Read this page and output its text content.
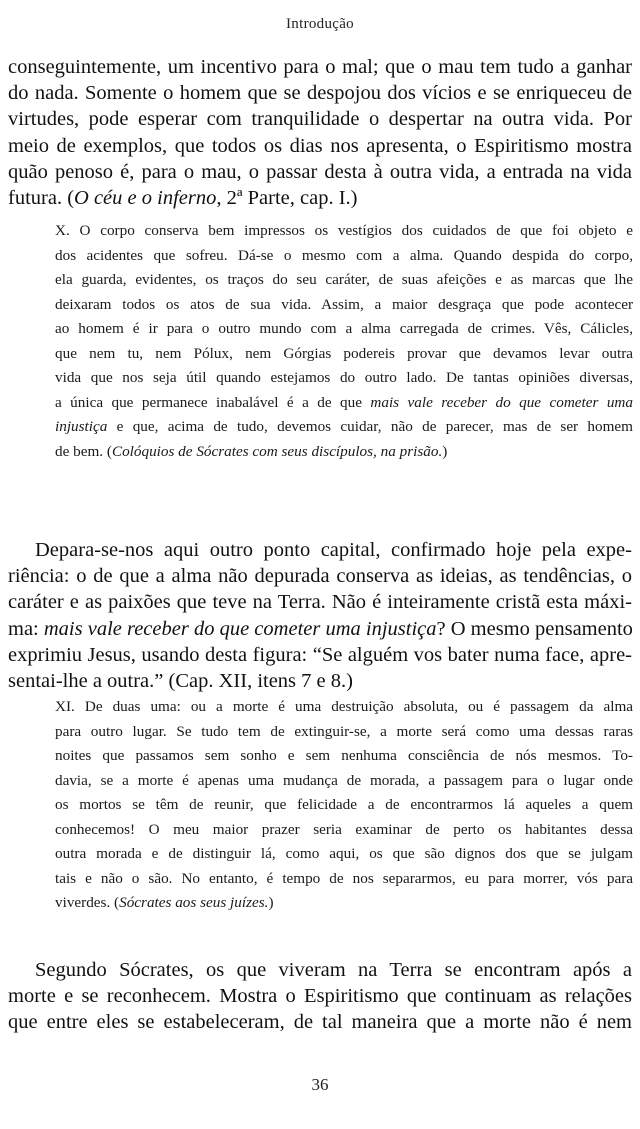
Introdução
conseguintemente, um incentivo para o mal; que o mau tem tudo a ganhar
do nada. Somente o homem que se despojou dos vícios e se enriqueceu de
virtudes, pode esperar com tranquilidade o despertar na outra vida. Por
meio de exemplos, que todos os dias nos apresenta, o Espiritismo mostra
quão penoso é, para o mau, o passar desta à outra vida, a entrada na vida
futura. (O céu e o inferno, 2ª Parte, cap. I.)
X. O corpo conserva bem impressos os vestígios dos cuidados de que foi objeto e
dos acidentes que sofreu. Dá-se o mesmo com a alma. Quando despida do corpo,
ela guarda, evidentes, os traços do seu caráter, de suas afeições e as marcas que lhe
deixaram todos os atos de sua vida. Assim, a maior desgraça que pode acontecer
ao homem é ir para o outro mundo com a alma carregada de crimes. Vês, Cálicles,
que nem tu, nem Pólux, nem Górgias podereis provar que devamos levar outra
vida que nos seja útil quando estejamos do outro lado. De tantas opiniões diversas,
a única que permanece inabalável é a de que mais vale receber do que cometer uma
injustiça e que, acima de tudo, devemos cuidar, não de parecer, mas de ser homem
de bem. (Colóquios de Sócrates com seus discípulos, na prisão.)
Depara-se-nos aqui outro ponto capital, confirmado hoje pela expe-
riência: o de que a alma não depurada conserva as ideias, as tendências, o
caráter e as paixões que teve na Terra. Não é inteiramente cristã esta máxi-
ma: mais vale receber do que cometer uma injustiça? O mesmo pensamento
exprimiu Jesus, usando desta figura: “Se alguém vos bater numa face, apre-
sentai-lhe a outra.” (Cap. XII, itens 7 e 8.)
XI. De duas uma: ou a morte é uma destruição absoluta, ou é passagem da alma
para outro lugar. Se tudo tem de extinguir-se, a morte será como uma dessas raras
noites que passamos sem sonho e sem nenhuma consciência de nós mesmos. To-
davia, se a morte é apenas uma mudança de morada, a passagem para o lugar onde
os mortos se têm de reunir, que felicidade a de encontrarmos lá aqueles a quem
conhecemos! O meu maior prazer seria examinar de perto os habitantes dessa
outra morada e de distinguir lá, como aqui, os que são dignos dos que se julgam
tais e não o são. No entanto, é tempo de nos separarmos, eu para morrer, vós para
viverdes. (Sócrates aos seus juízes.)
Segundo Sócrates, os que viveram na Terra se encontram após a
morte e se reconhecem. Mostra o Espiritismo que continuam as relações
que entre eles se estabeleceram, de tal maneira que a morte não é nem
36
